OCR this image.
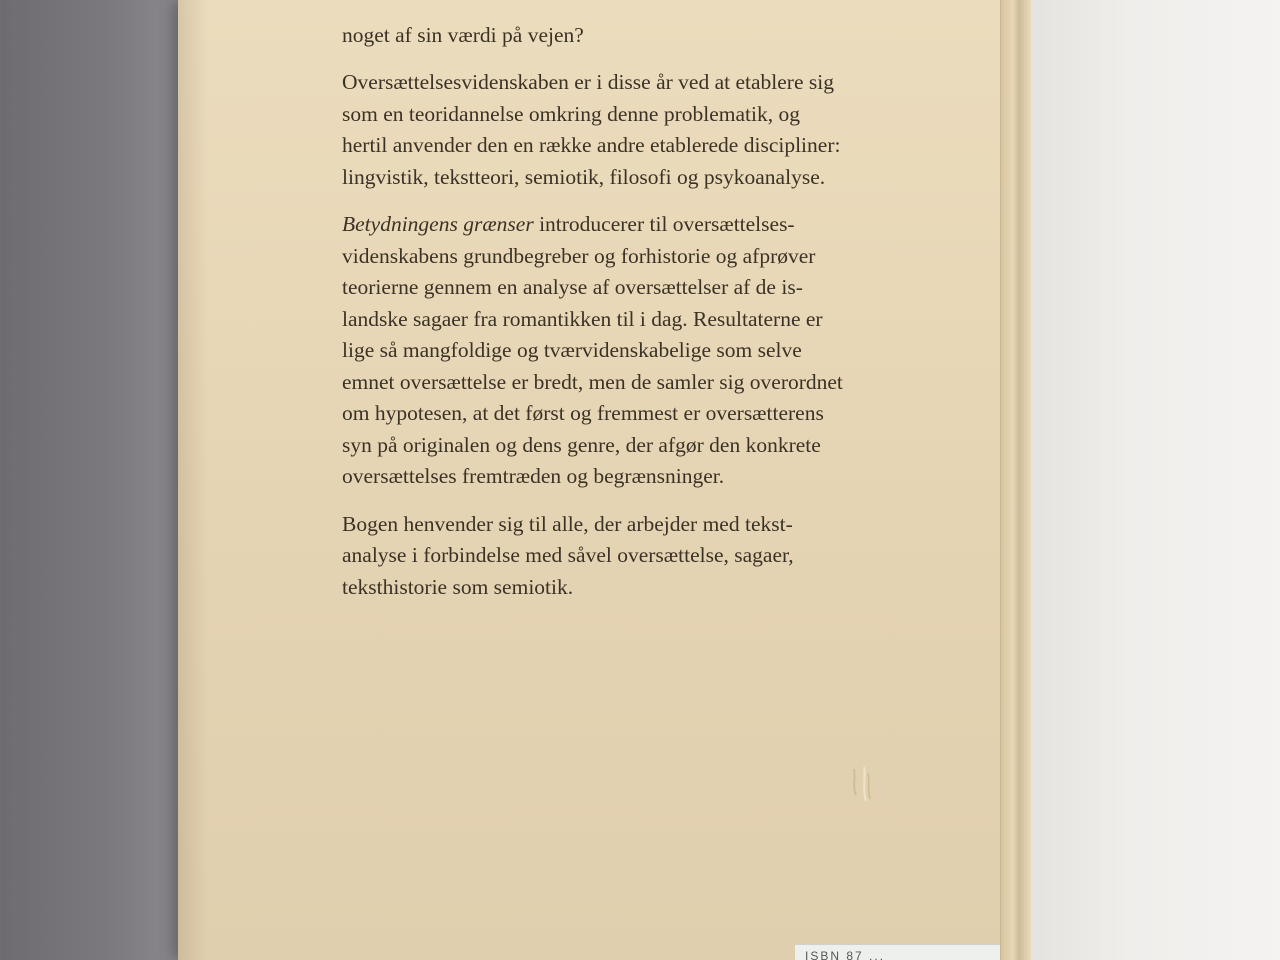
noget af sin værdi på vejen?

Oversættelsesvidenskaben er i disse år ved at etablere sig
som en teoridannelse omkring denne problematik, og
hertil anvender den en række andre etablerede discipliner:
lingvistik, tekstteori, semiotik, filosofi og psykoanalyse.

Betydningens grænser introducerer til oversættelses-
videnskabens grundbegreber og forhistorie og afprøver
teorierne gennem en analyse af oversættelser af de is-
landske sagaer fra romantikken til i dag. Resultaterne er
lige så mangfoldige og tværvidenskabelige som selve
emnet oversættelse er bredt, men de samler sig overordnet
om hypotesen, at det først og fremmest er oversætterens
syn på originalen og dens genre, der afgør den konkrete
oversættelses fremtræden og begrænsninger.

Bogen henvender sig til alle, der arbejder med tekst-
analyse i forbindelse med såvel oversættelse, sagaer,
teksthistorie som semiotik.

ISBN 87 ...
